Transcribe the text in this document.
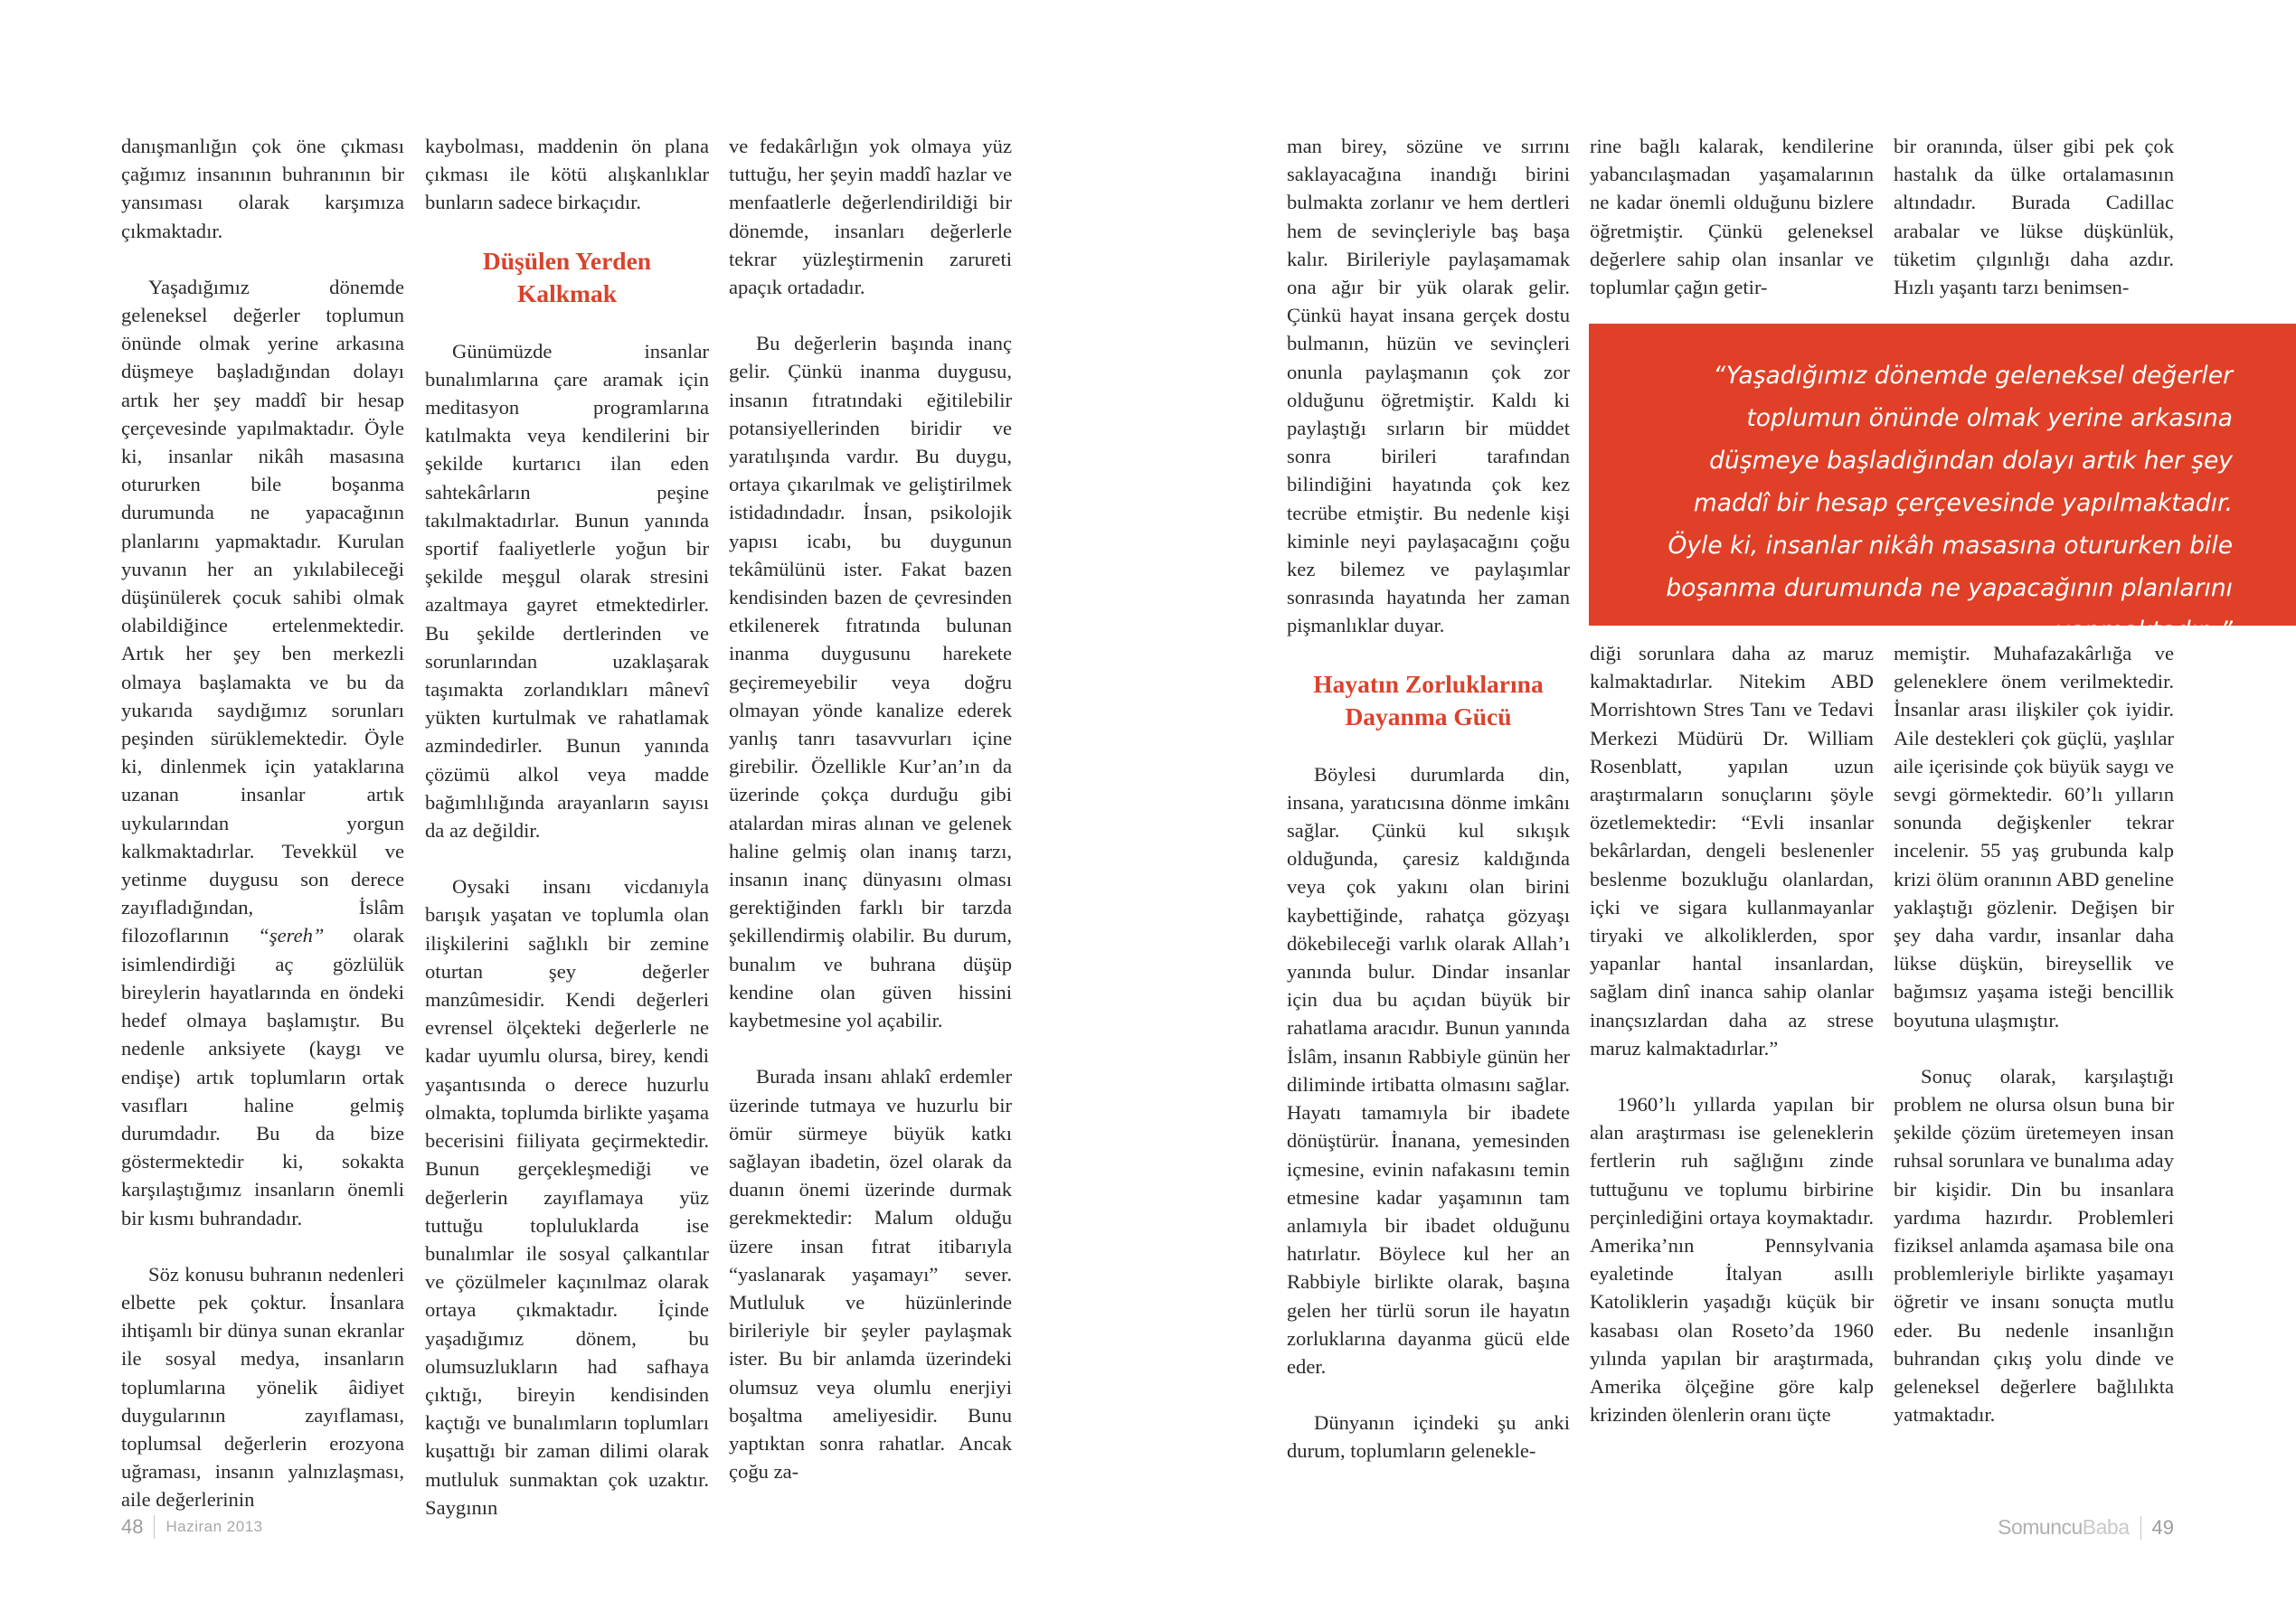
danışmanlığın çok öne çıkması çağımız insanının buhranının bir yansıması olarak karşımıza çıkmaktadır.

Yaşadığımız dönemde geleneksel değerler toplumun önünde olmak yerine arkasına düşmeye başladığından dolayı artık her şey maddî bir hesap çerçevesinde yapılmaktadır. Öyle ki, insanlar nikâh masasına otururken bile boşanma durumunda ne yapacağının planlarını yapmaktadır. Kurulan yuvanın her an yıkılabileceği düşünülerek çocuk sahibi olmak olabildiğince ertelenmektedir. Artık her şey ben merkezli olmaya başlamakta ve bu da yukarıda saydığımız sorunları peşinden sürüklemektedir. Öyle ki, dinlenmek için yataklarına uzanan insanlar artık uykularından yorgun kalkmaktadırlar. Tevekkül ve yetinme duygusu son derece zayıfladığından, İslâm filozoflarının “şereh” olarak isimlendirdiği aç gözlülük bireylerin hayatlarında en öndeki hedef olmaya başlamıştır. Bu nedenle anksiyete (kaygı ve endişe) artık toplumların ortak vasıfları haline gelmiş durumdadır. Bu da bize göstermektedir ki, sokakta karşılaştığımız insanların önemli bir kısmı buhrandadır.

Söz konusu buhranın nedenleri elbette pek çoktur. İnsanlara ihtişamlı bir dünya sunan ekranlar ile sosyal medya, insanların toplumlarına yönelik âidiyet duygularının zayıflaması, toplumsal değerlerin erozyona uğraması, insanın yalnızlaşması, aile değerlerinin

kaybolması, maddenin ön plana çıkması ile kötü alışkanlıklar bunların sadece birkaçıdır.

Düşülen Yerden Kalkmak

Günümüzde insanlar bunalımlarına çare aramak için meditasyon programlarına katılmakta veya kendilerini bir şekilde kurtarıcı ilan eden sahtekârların peşine takılmaktadırlar. Bunun yanında sportif faaliyetlerle yoğun bir şekilde meşgul olarak stresini azaltmaya gayret etmektedirler. Bu şekilde dertlerinden ve sorunlarından uzaklaşarak taşımakta zorlandıkları mânevî yükten kurtulmak ve rahatlamak azmindedirler. Bunun yanında çözümü alkol veya madde bağımlılığında arayanların sayısı da az değildir.

Oysaki insanı vicdanıyla barışık yaşatan ve toplumla olan ilişkilerini sağlıklı bir zemine oturtan şey değerler manzûmesidir. Kendi değerleri evrensel ölçekteki değerlerle ne kadar uyumlu olursa, birey, kendi yaşantısında o derece huzurlu olmakta, toplumda birlikte yaşama becerisini fiiliyata geçirmektedir. Bunun gerçekleşmediği ve değerlerin zayıflamaya yüz tuttuğu topluluklarda ise bunalımlar ile sosyal çalkantılar ve çözülmeler kaçınılmaz olarak ortaya çıkmaktadır. İçinde yaşadığımız dönem, bu olumsuzlukların had safhaya çıktığı, bireyin kendisinden kaçtığı ve bunalımların toplumları kuşattığı bir zaman dilimi olarak mutluluk sunmaktan çok uzaktır. Saygının

ve fedakârlığın yok olmaya yüz tuttuğu, her şeyin maddî hazlar ve menfaatlerle değerlendirildiği bir dönemde, insanları değerlerle tekrar yüzleştirmenin zarureti apaçık ortadadır.

Bu değerlerin başında inanç gelir. Çünkü inanma duygusu, insanın fıtratındaki eğitilebilir potansiyellerinden biridir ve yaratılışında vardır. Bu duygu, ortaya çıkarılmak ve geliştirilmek istidadındadır. İnsan, psikolojik yapısı icabı, bu duygunun tekâmülünü ister. Fakat bazen kendisinden bazen de çevresinden etkilenerek fıtratında bulunan inanma duygusunu harekete geçiremeyebilir veya doğru olmayan yönde kanalize ederek yanlış tanrı tasavvurları içine girebilir. Özellikle Kur’an’ın da üzerinde çokça durduğu gibi atalardan miras alınan ve gelenek haline gelmiş olan inanış tarzı, insanın inanç dünyasını olması gerektiğinden farklı bir tarzda şekillendirmiş olabilir. Bu durum, bunalım ve buhrana düşüp kendine olan güven hissini kaybetmesine yol açabilir.

Burada insanı ahlakî erdemler üzerinde tutmaya ve huzurlu bir ömür sürmeye büyük katkı sağlayan ibadetin, özel olarak da duanın önemi üzerinde durmak gerekmektedir: Malum olduğu üzere insan fıtrat itibarıyla “yaslanarak yaşamayı” sever. Mutluluk ve hüzünlerinde birileriyle bir şeyler paylaşmak ister. Bu bir anlamda üzerindeki olumsuz veya olumlu enerjiyi boşaltma ameliyesidir. Bunu yaptıktan sonra rahatlar. Ancak çoğu za-

48 Haziran 2013

man birey, sözüne ve sırrını saklayacağına inandığı birini bulmakta zorlanır ve hem dertleri hem de sevinçleriyle baş başa kalır. Birileriyle paylaşamamak ona ağır bir yük olarak gelir. Çünkü hayat insana gerçek dostu bulmanın, hüzün ve sevinçleri onunla paylaşmanın çok zor olduğunu öğretmiştir. Kaldı ki paylaştığı sırların bir müddet sonra birileri tarafından bilindiğini hayatında çok kez tecrübe etmiştir. Bu nedenle kişi kiminle neyi paylaşacağını çoğu kez bilemez ve paylaşımlar sonrasında hayatında her zaman pişmanlıklar duyar.

Hayatın Zorluklarına Dayanma Gücü

Böylesi durumlarda din, insana, yaratıcısına dönme imkânı sağlar. Çünkü kul sıkışık olduğunda, çaresiz kaldığında veya çok yakını olan birini kaybettiğinde, rahatça gözyaşı dökebileceği varlık olarak Allah’ı yanında bulur. Dindar insanlar için dua bu açıdan büyük bir rahatlama aracıdır. Bunun yanında İslâm, insanın Rabbiyle günün her diliminde irtibatta olmasını sağlar. Hayatı tamamıyla bir ibadete dönüştürür. İnanana, yemesinden içmesine, evinin nafakasını temin etmesine kadar yaşamının tam anlamıyla bir ibadet olduğunu hatırlatır. Böylece kul her an Rabbiyle birlikte olarak, başına gelen her türlü sorun ile hayatın zorluklarına dayanma gücü elde eder.

Dünyanın içindeki şu anki durum, toplumların gelenekle-

rine bağlı kalarak, kendilerine yabancılaşmadan yaşamalarının ne kadar önemli olduğunu bizlere öğretmiştir. Çünkü geleneksel değerlere sahip olan insanlar ve toplumlar çağın getir-

diği sorunlara daha az maruz kalmaktadırlar. Nitekim ABD Morrishtown Stres Tanı ve Tedavi Merkezi Müdürü Dr. William Rosenblatt, yapılan uzun araştırmaların sonuçlarını şöyle özetlemektedir: “Evli insanlar bekârlardan, dengeli beslenenler beslenme bozukluğu olanlardan, içki ve sigara kullanmayanlar tiryaki ve alkoliklerden, spor yapanlar hantal insanlardan, sağlam dinî inanca sahip olanlar inançsızlardan daha az strese maruz kalmaktadırlar.”

1960’lı yıllarda yapılan bir alan araştırması ise geleneklerin fertlerin ruh sağlığını zinde tuttuğunu ve toplumu birbirine perçinlediğini ortaya koymaktadır. Amerika’nın Pennsylvania eyaletinde İtalyan asıllı Katoliklerin yaşadığı küçük bir kasabası olan Roseto’da 1960 yılında yapılan bir araştırmada, Amerika ölçeğine göre kalp krizinden ölenlerin oranı üçte

bir oranında, ülser gibi pek çok hastalık da ülke ortalamasının altındadır. Burada Cadillac arabalar ve lükse düşkünlük, tüketim çılgınlığı daha azdır. Hızlı yaşantı tarzı benimsen-

memiştir. Muhafazakârlığa ve geleneklere önem verilmektedir. İnsanlar arası ilişkiler çok iyidir. Aile destekleri çok güçlü, yaşlılar aile içerisinde çok büyük saygı ve sevgi görmektedir. 60’lı yılların sonunda değişkenler tekrar incelenir. 55 yaş grubunda kalp krizi ölüm oranının ABD geneline yaklaştığı gözlenir. Değişen bir şey daha vardır, insanlar daha lükse düşkün, bireysellik ve bağımsız yaşama isteği bencillik boyutuna ulaşmıştır.

Sonuç olarak, karşılaştığı problem ne olursa olsun buna bir şekilde çözüm üretemeyen insan ruhsal sorunlara ve bunalıma aday bir kişidir. Din bu insanlara yardıma hazırdır. Problemleri fiziksel anlamda aşamasa bile ona problemleriyle birlikte yaşamayı öğretir ve insanı sonuçta mutlu eder. Bu nedenle insanlığın buhrandan çıkış yolu dinde ve geleneksel değerlere bağlılıkta yatmaktadır.

“Yaşadığımız dönemde geleneksel değerler toplumun önünde olmak yerine arkasına düşmeye başladığından dolayı artık her şey maddî bir hesap çerçevesinde yapılmaktadır. Öyle ki, insanlar nikâh masasına otururken bile boşanma durumunda ne yapacağının planlarını yapmaktadır. ”
SomuncuBaba 49
